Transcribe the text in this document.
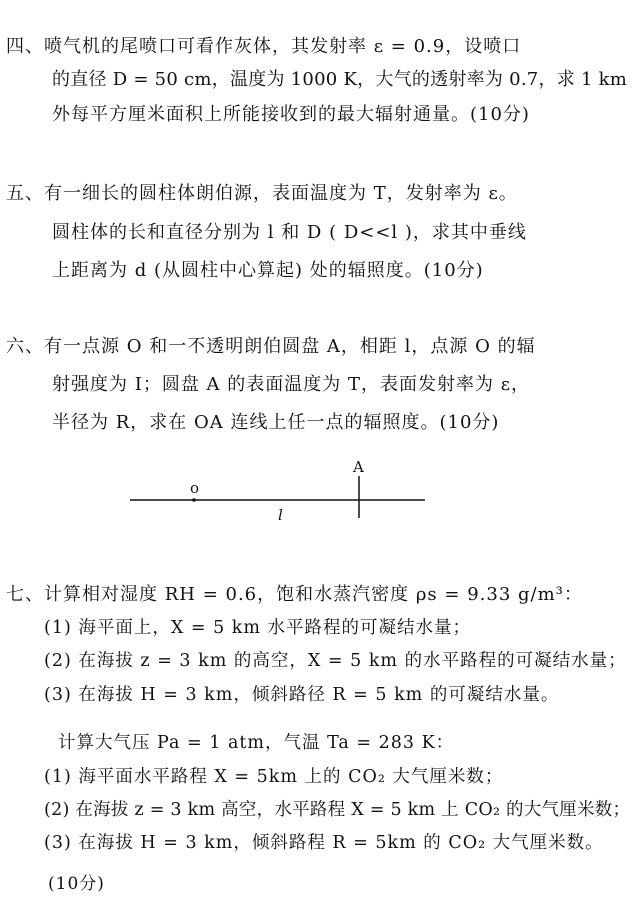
四、喷气机的尾喷口可看作灰体，其发射率 ε = 0.9，设喷口
的直径 D = 50 cm，温度为 1000 K，大气的透射率为 0.7，求 1 km
外每平方厘米面积上所能接收到的最大辐射通量。(10分)
五、有一细长的圆柱体朗伯源，表面温度为 T，发射率为 ε。
圆柱体的长和直径分别为 l 和 D ( D<<l )，求其中垂线
上距离为 d (从圆柱中心算起) 处的辐照度。(10分)
六、有一点源 O 和一不透明朗伯圆盘 A，相距 l，点源 O 的辐
射强度为 I；圆盘 A 的表面温度为 T，表面发射率为 ε，
半径为 R，求在 OA 连线上任一点的辐照度。(10分)
o
A
l
七、计算相对湿度 RH = 0.6，饱和水蒸汽密度 ρs = 9.33 g/m³：
(1) 海平面上，X = 5 km 水平路程的可凝结水量；
(2) 在海拔 z = 3 km 的高空，X = 5 km 的水平路程的可凝结水量；
(3) 在海拔 H = 3 km，倾斜路径 R = 5 km 的可凝结水量。
计算大气压 Pa = 1 atm，气温 Ta = 283 K：
(1) 海平面水平路程 X = 5km 上的 CO₂ 大气厘米数；
(2) 在海拔 z = 3 km 高空，水平路程 X = 5 km 上 CO₂ 的大气厘米数；
(3) 在海拔 H = 3 km，倾斜路程 R = 5km 的 CO₂ 大气厘米数。
(10分)
